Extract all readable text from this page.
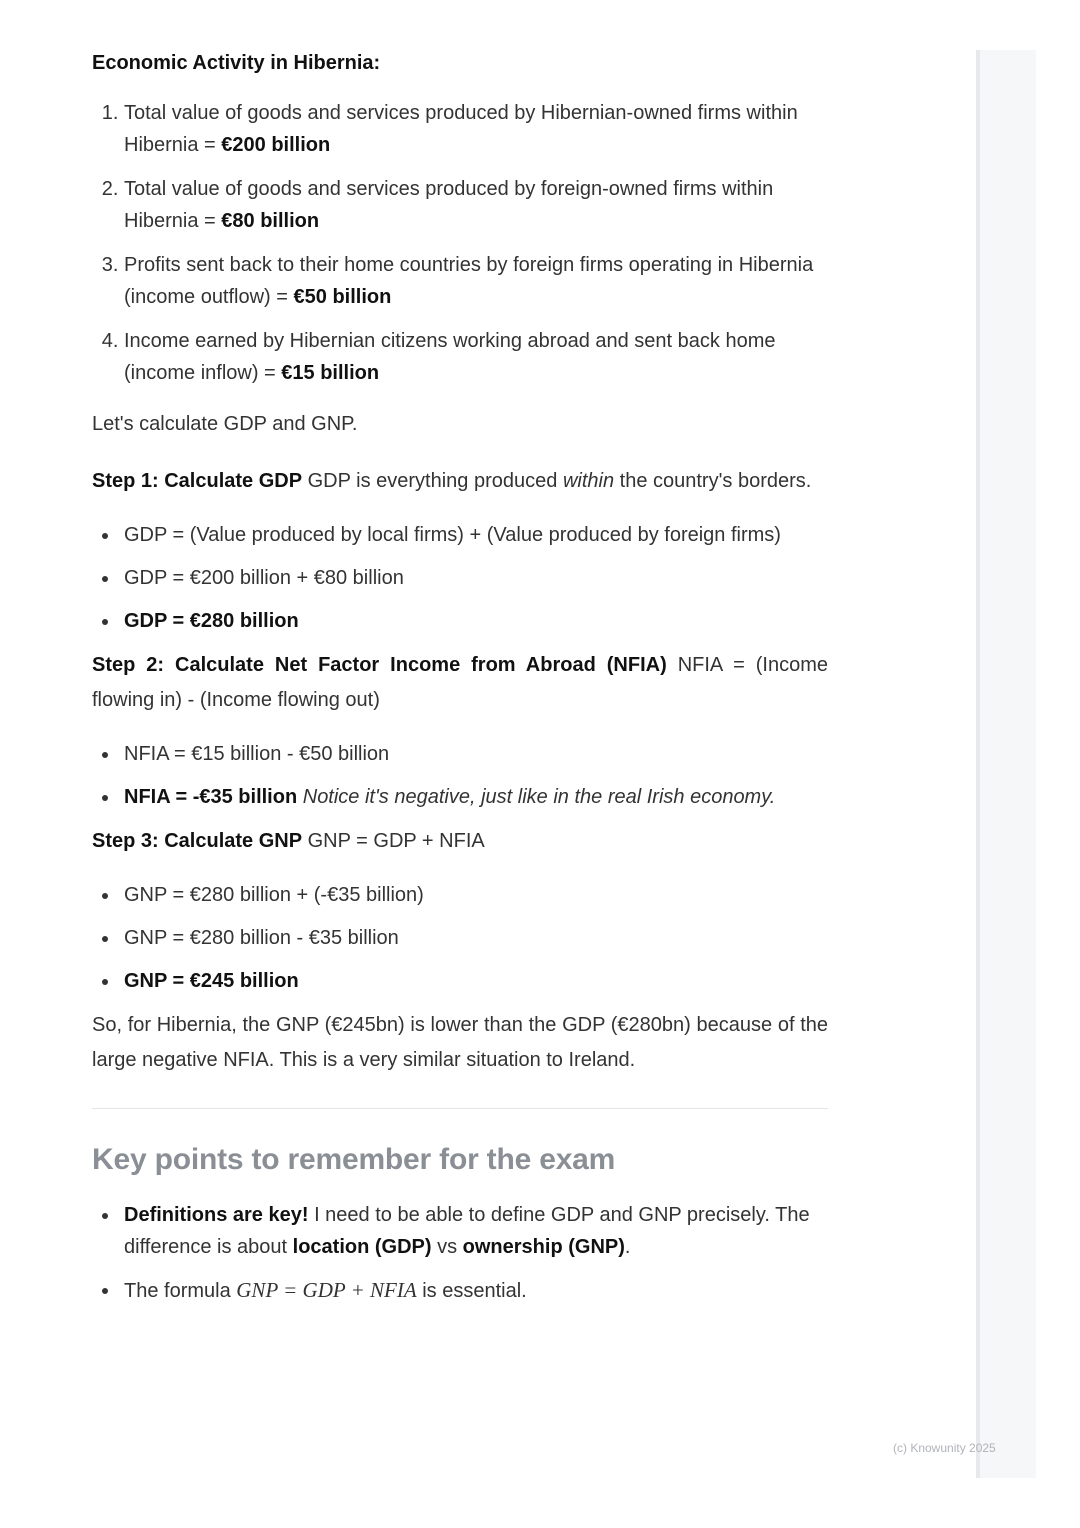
Economic Activity in Hibernia:

1. Total value of goods and services produced by Hibernian-owned firms within Hibernia = €200 billion
2. Total value of goods and services produced by foreign-owned firms within Hibernia = €80 billion
3. Profits sent back to their home countries by foreign firms operating in Hibernia (income outflow) = €50 billion
4. Income earned by Hibernian citizens working abroad and sent back home (income inflow) = €15 billion

Let's calculate GDP and GNP.

Step 1: Calculate GDP GDP is everything produced within the country's borders.

GDP = (Value produced by local firms) + (Value produced by foreign firms)
GDP = €200 billion + €80 billion
GDP = €280 billion

Step 2: Calculate Net Factor Income from Abroad (NFIA) NFIA = (Income flowing in) - (Income flowing out)

NFIA = €15 billion - €50 billion
NFIA = -€35 billion Notice it's negative, just like in the real Irish economy.

Step 3: Calculate GNP GNP = GDP + NFIA

GNP = €280 billion + (-€35 billion)
GNP = €280 billion - €35 billion
GNP = €245 billion

So, for Hibernia, the GNP (€245bn) is lower than the GDP (€280bn) because of the large negative NFIA. This is a very similar situation to Ireland.

Key points to remember for the exam

Definitions are key! I need to be able to define GDP and GNP precisely. The difference is about location (GDP) vs ownership (GNP).
The formula GNP = GDP + NFIA is essential.
(c) Knowunity 2025
